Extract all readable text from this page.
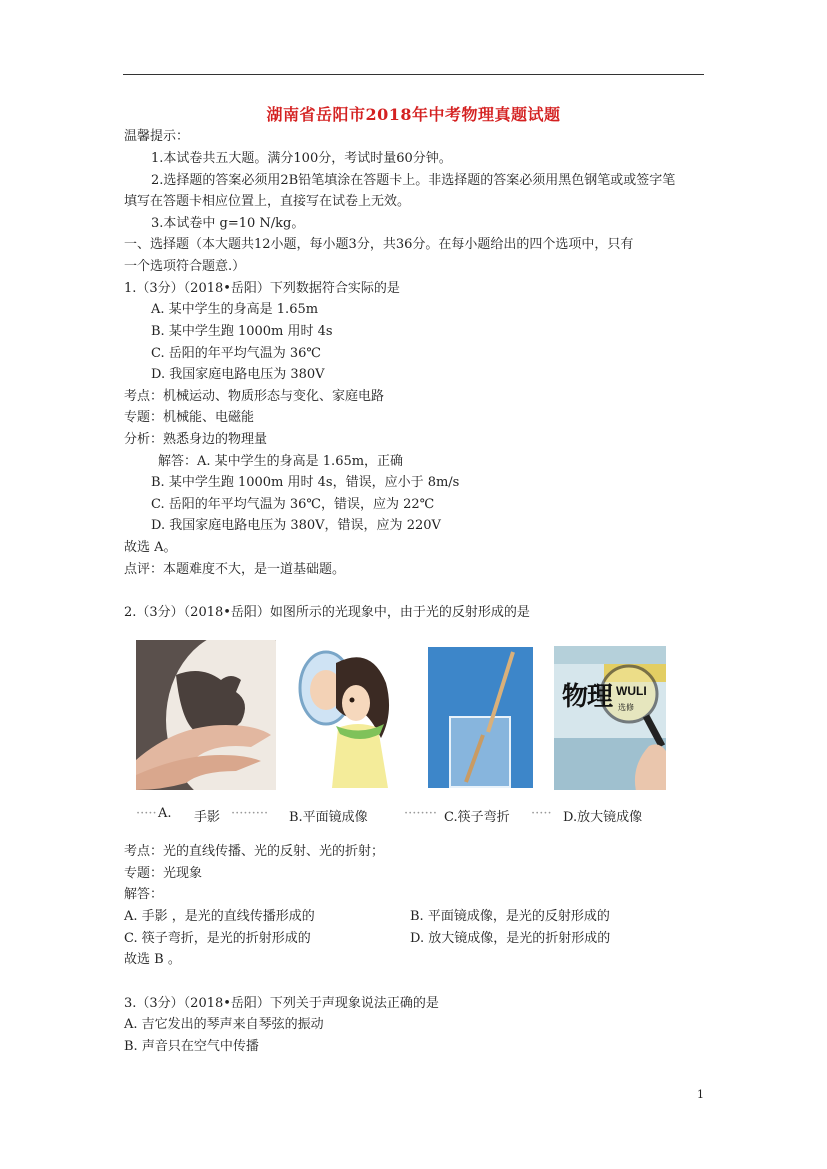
湖南省岳阳市2018年中考物理真题试题
温馨提示：
1.本试卷共五大题。满分100分，考试时量60分钟。
2.选择题的答案必须用2B铅笔填涂在答题卡上。非选择题的答案必须用黑色钢笔或或签字笔
填写在答题卡相应位置上，直接写在试卷上无效。
3.本试卷中 g=10 N/kg。
一、选择题（本大题共12小题，每小题3分，共36分。在每小题给出的四个选项中，只有
一个选项符合题意.）
1.（3分）（2018•岳阳）下列数据符合实际的是
A. 某中学生的身高是 1.65m
B. 某中学生跑 1000m 用时 4s
C. 岳阳的年平均气温为 36℃
D. 我国家庭电路电压为 380V
考点：机械运动、物质形态与变化、家庭电路
专题：机械能、电磁能
分析：熟悉身边的物理量
解答：A. 某中学生的身高是 1.65m，正确
B. 某中学生跑 1000m 用时 4s，错误，应小于 8m/s
C. 岳阳的年平均气温为 36℃，错误，应为 22℃
D. 我国家庭电路电压为 380V，错误，应为 220V
故选 A。
点评：本题难度不大，是一道基础题。
2.（3分）（2018•岳阳）如图所示的光现象中，由于光的反射形成的是
物理 WULI
选修
····· A. 手影 ········· B.平面镜成像	········ C.筷子弯折 ····· D.放大镜成像
考点：光的直线传播、光的反射、光的折射；
专题：光现象
解答：
A. 手影 ，是光的直线传播形成的	B. 平面镜成像，是光的反射形成的
C. 筷子弯折，是光的折射形成的	D. 放大镜成像，是光的折射形成的
故选 B 。
3.（3分）（2018•岳阳）下列关于声现象说法正确的是
A. 吉它发出的琴声来自琴弦的振动
B. 声音只在空气中传播
1
